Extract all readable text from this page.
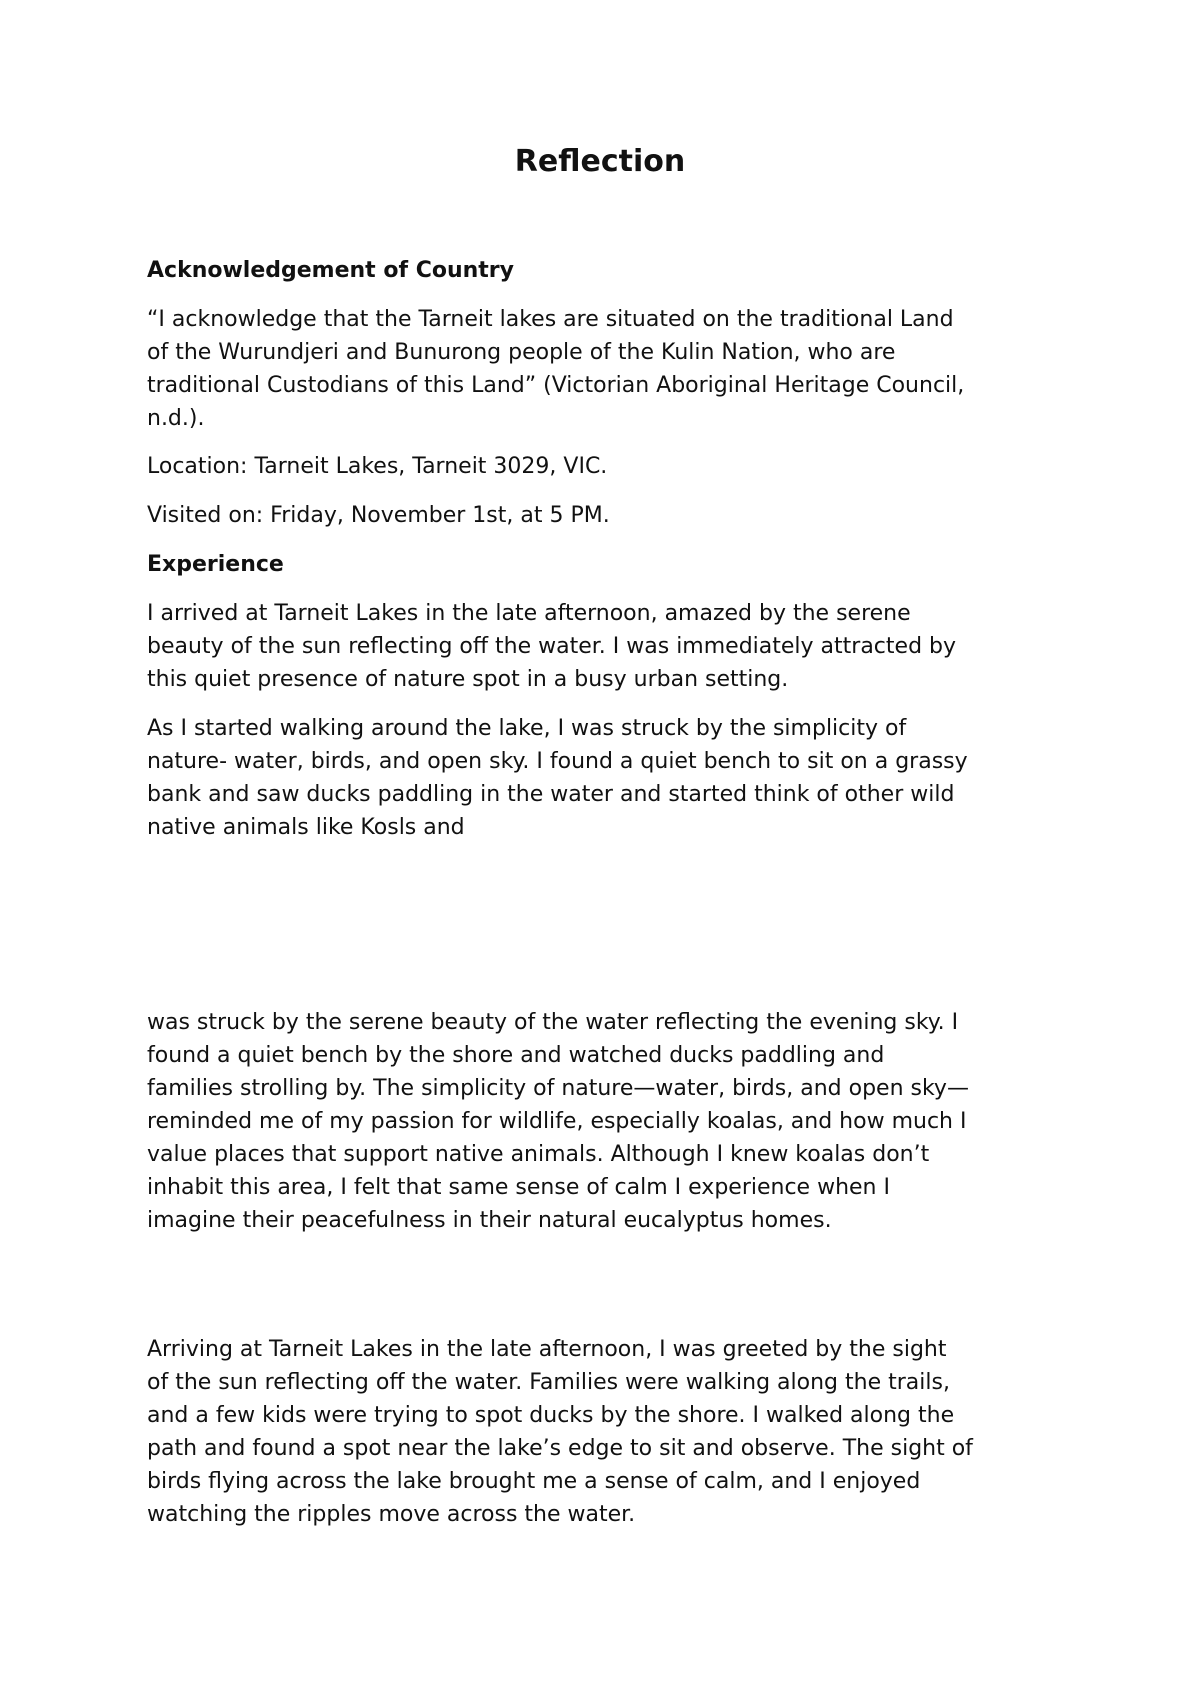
Reflection
Acknowledgement of Country
“I acknowledge that the Tarneit lakes are situated on the traditional Land
of the Wurundjeri and Bunurong people of the Kulin Nation, who are
traditional Custodians of this Land” (Victorian Aboriginal Heritage Council,
n.d.).
Location: Tarneit Lakes, Tarneit 3029, VIC.
Visited on: Friday, November 1st, at 5 PM.
Experience
I arrived at Tarneit Lakes in the late afternoon, amazed by the serene
beauty of the sun reflecting off the water. I was immediately attracted by
this quiet presence of nature spot in a busy urban setting.
As I started walking around the lake, I was struck by the simplicity of
nature- water, birds, and open sky. I found a quiet bench to sit on a grassy
bank and saw ducks paddling in the water and started think of other wild
native animals like Kosls and
was struck by the serene beauty of the water reflecting the evening sky. I
found a quiet bench by the shore and watched ducks paddling and
families strolling by. The simplicity of nature—water, birds, and open sky—
reminded me of my passion for wildlife, especially koalas, and how much I
value places that support native animals. Although I knew koalas don’t
inhabit this area, I felt that same sense of calm I experience when I
imagine their peacefulness in their natural eucalyptus homes.
Arriving at Tarneit Lakes in the late afternoon, I was greeted by the sight
of the sun reflecting off the water. Families were walking along the trails,
and a few kids were trying to spot ducks by the shore. I walked along the
path and found a spot near the lake’s edge to sit and observe. The sight of
birds flying across the lake brought me a sense of calm, and I enjoyed
watching the ripples move across the water.
